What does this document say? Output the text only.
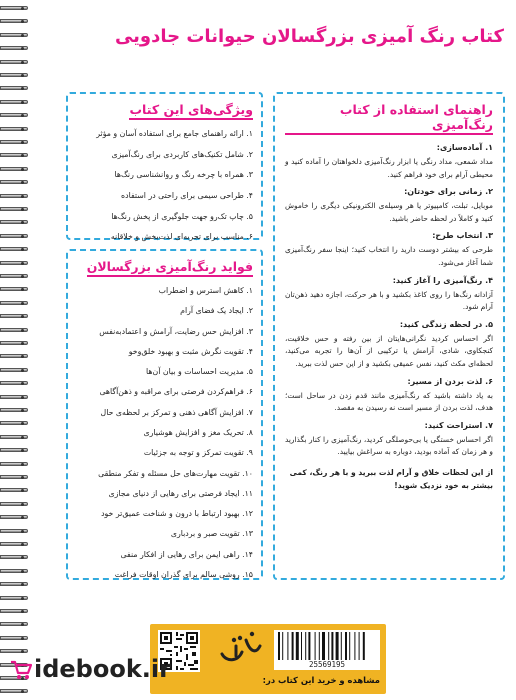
کتاب رنگ آمیزی بزرگسالان حیوانات جادویی
راهنمای استفاده از کتاب رنگ‌آمیزی
۱. آماده‌سازی:

مداد شمعی، مداد رنگی یا ابزار رنگ‌آمیزی دلخواهتان را آماده کنید و محیطی آرام برای خود فراهم کنید.

۲. زمانی برای خودتان:

موبایل، تبلت، کامپیوتر یا هر وسیله‌ی الکترونیکی دیگری را خاموش کنید و کاملاً در لحظه حاضر باشید.

۳. انتخاب طرح:

طرحی که بیشتر دوست دارید را انتخاب کنید؛ اینجا سفر رنگ‌آمیزی شما آغاز می‌شود.

۴. رنگ‌آمیزی را آغاز کنید:

آزادانه رنگ‌ها را روی کاغذ بکشید و با هر حرکت، اجازه دهید ذهن‌تان آرام شود.

۵. در لحظه زندگی کنید:

اگر احساس کردید نگرانی‌هایتان از بین رفته و حس خلاقیت، کنجکاوی، شادی، آرامش یا ترکیبی از آن‌ها را تجربه می‌کنید، لحظه‌ای مکث کنید، نفس عمیقی بکشید و از این حس لذت ببرید.

۶. لذت بردن از مسیر:

به یاد داشته باشید که رنگ‌آمیزی مانند قدم زدن در ساحل است؛ هدف، لذت بردن از مسیر است نه رسیدن به مقصد.

۷. استراحت کنید:

اگر احساس خستگی یا بی‌حوصلگی کردید، رنگ‌آمیزی را کنار بگذارید و هر زمان که آماده بودید، دوباره به سراغش بیایید.

از این لحظات خلاق و آرام لذت ببرید و با هر رنگ، کمی بیشتر به خود نزدیک شوید!
ویژگی‌های این کتاب
۱. ارائه راهنمای جامع برای استفاده آسان و مؤثر
۲. شامل تکنیک‌های کاربردی برای رنگ‌آمیزی
۳. همراه با چرخه رنگ و روانشناسی رنگ‌ها
۴. طراحی سیمی برای راحتی در استفاده
۵. چاپ تک‌رو جهت جلوگیری از پخش رنگ‌ها
۶. مناسب برای تجربه‌ای لذت‌بخش و خلاقانه
فواید رنگ‌آمیزی بزرگسالان
۱. کاهش استرس و اضطراب
۲. ایجاد یک فضای آرام
۳. افزایش حس رضایت، آرامش و اعتماد‌به‌نفس
۴. تقویت نگرش مثبت و بهبود خلق‌وخو
۵. مدیریت احساسات و بیان آن‌ها
۶. فراهم‌کردن فرصتی برای مراقبه و ذهن‌آگاهی
۷. افزایش آگاهی ذهنی و تمرکز بر لحظه‌ی حال
۸. تحریک مغز و افزایش هوشیاری
۹. تقویت تمرکز و توجه به جزئیات
۱۰. تقویت مهارت‌های حل مسئله و تفکر منطقی
۱۱. ایجاد فرصتی برای رهایی از دنیای مجازی
۱۲. بهبود ارتباط با درون و شناخت عمیق‌تر خود
۱۳. تقویت صبر و بردباری
۱۴. راهی ایمن برای رهایی از افکار منفی
۱۵. روشی سالم برای گذران اوقات فراغت
25569195
مشاهده و خرید این کتاب در:
idebook.ir
